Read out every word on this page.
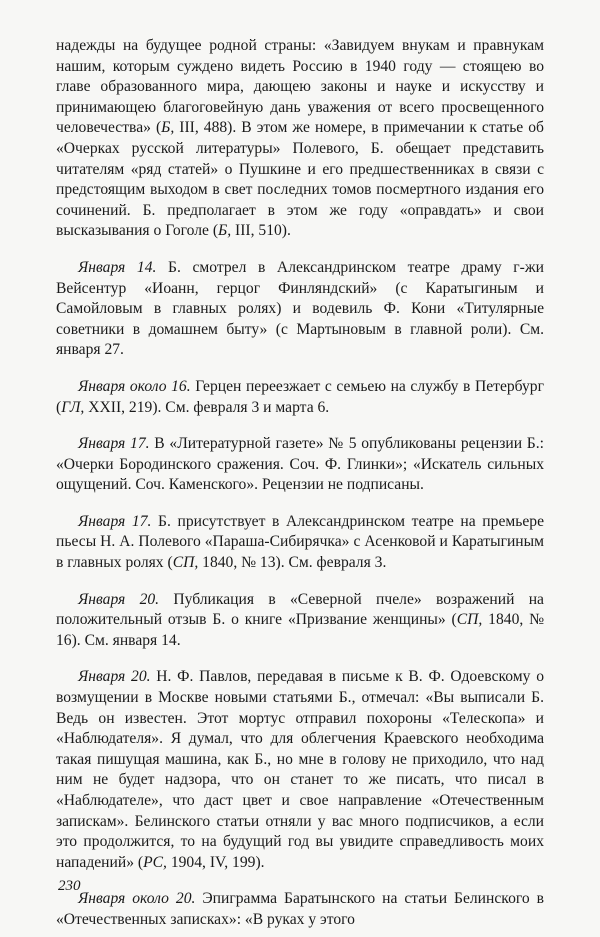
надежды на будущее родной страны: «Завидуем внукам и правнукам нашим, которым суждено видеть Россию в 1940 году — стоящею во главе образованного мира, дающею законы и науке и искусству и принимающею благоговейную дань уважения от всего просвещенного человечества» (Б, III, 488). В этом же номере, в примечании к статье об «Очерках русской литературы» Полевого, Б. обещает представить читателям «ряд статей» о Пушкине и его предшественниках в связи с предстоящим выходом в свет последних томов посмертного издания его сочинений. Б. предполагает в этом же году «оправдать» и свои высказывания о Гоголе (Б, III, 510).

Января 14. Б. смотрел в Александринском театре драму г-жи Вейсентур «Иоанн, герцог Финляндский» (с Каратыгиным и Самойловым в главных ролях) и водевиль Ф. Кони «Титулярные советники в домашнем быту» (с Мартыновым в главной роли). См. января 27.

Января около 16. Герцен переезжает с семьею на службу в Петербург (ГЛ, XXII, 219). См. февраля 3 и марта 6.

Января 17. В «Литературной газете» № 5 опубликованы рецензии Б.: «Очерки Бородинского сражения. Соч. Ф. Глинки»; «Искатель сильных ощущений. Соч. Каменского». Рецензии не подписаны.

Января 17. Б. присутствует в Александринском театре на премьере пьесы Н. А. Полевого «Параша-Сибирячка» с Асенковой и Каратыгиным в главных ролях (СП, 1840, № 13). См. февраля 3.

Января 20. Публикация в «Северной пчеле» возражений на положительный отзыв Б. о книге «Призвание женщины» (СП, 1840, № 16). См. января 14.

Января 20. Н. Ф. Павлов, передавая в письме к В. Ф. Одоевскому о возмущении в Москве новыми статьями Б., отмечал: «Вы выписали Б. Ведь он известен. Этот мортус отправил похороны «Телескопа» и «Наблюдателя». Я думал, что для облегчения Краевского необходима такая пишущая машина, как Б., но мне в голову не приходило, что над ним не будет надзора, что он станет то же писать, что писал в «Наблюдателе», что даст цвет и свое направление «Отечественным запискам». Белинского статьи отняли у вас много подписчиков, а если это продолжится, то на будущий год вы увидите справедливость моих нападений» (РС, 1904, IV, 199).

Января около 20. Эпиграмма Баратынского на статьи Белинского в «Отечественных записках»: «В руках у этого

230
